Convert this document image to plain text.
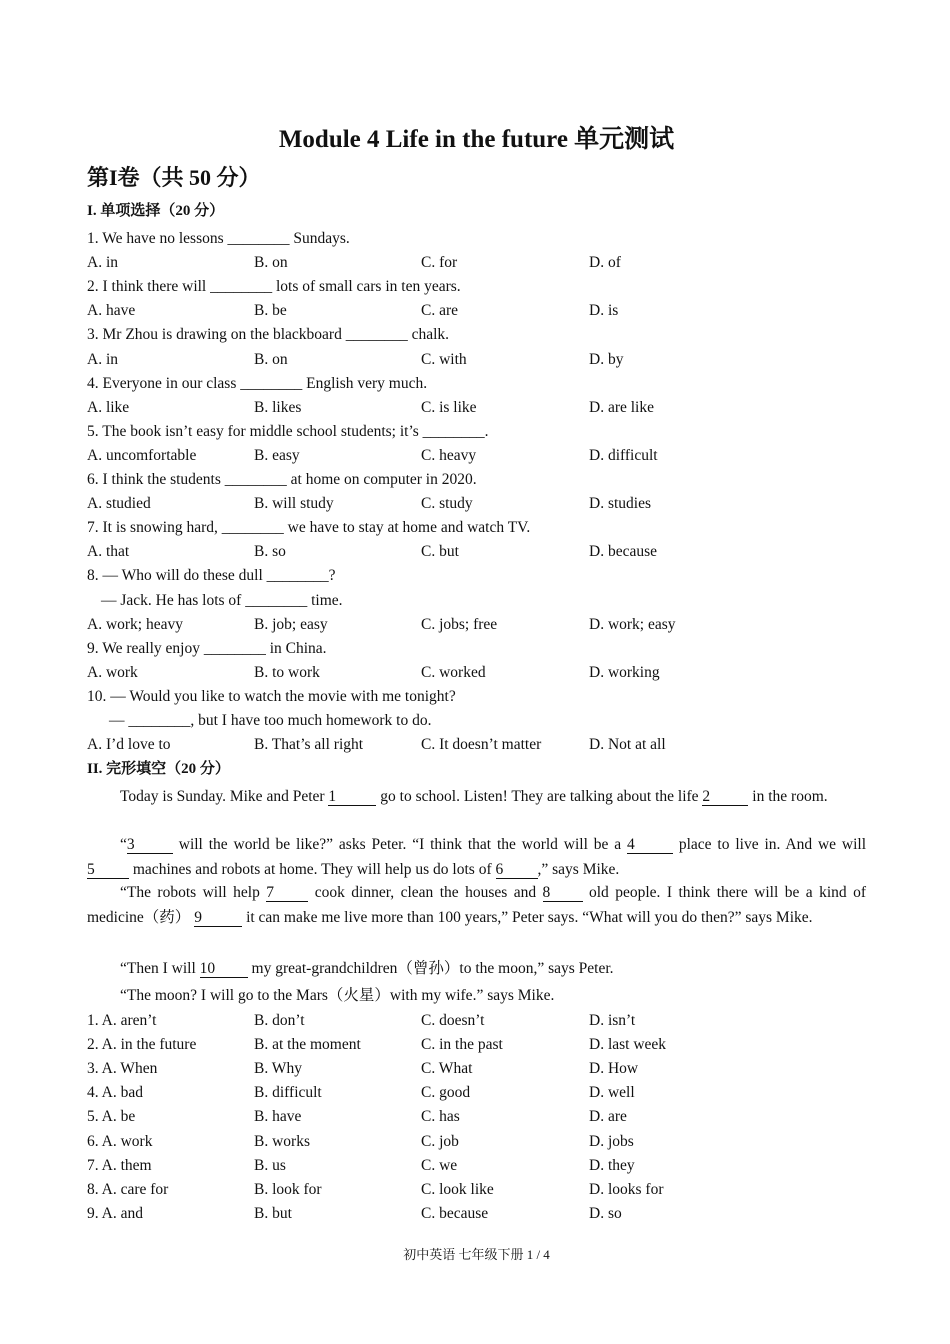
Module 4 Life in the future 单元测试
第I卷（共 50 分）
I. 单项选择（20 分）
1. We have no lessons ________ Sundays.
A. in	B. on	C. for	D. of
2. I think there will ________ lots of small cars in ten years.
A. have	B. be	C. are	D. is
3. Mr Zhou is drawing on the blackboard ________ chalk.
A. in	B. on	C. with	D. by
4. Everyone in our class ________ English very much.
A. like	B. likes	C. is like	D. are like
5. The book isn’t easy for middle school students; it’s ________.
A. uncomfortable	B. easy	C. heavy	D. difficult
6. I think the students ________ at home on computer in 2020.
A. studied	B. will study	C. study	D. studies
7. It is snowing hard, ________ we have to stay at home and watch TV.
A. that	B. so	C. but	D. because
8. — Who will do these dull ________?
— Jack. He has lots of ________ time.
A. work; heavy	B. job; easy	C. jobs; free	D. work; easy
9. We really enjoy ________ in China.
A. work	B. to work	C. worked	D. working
10. — Would you like to watch the movie with me tonight?
— ________, but I have too much homework to do.
A. I’d love to	B. That’s all right	C. It doesn’t matter	D. Not at all
II. 完形填空（20 分）
Today is Sunday. Mike and Peter 1	go to school. Listen! They are talking about the life 2 in the room.
“3 will the world be like?” asks Peter. “I think that the world will be a 4 place to live in. And we will 5 machines and robots at home. They will help us do lots of 6 ,” says Mike.
“The robots will help 7 cook dinner, clean the houses and 8 old people. I think there will be a kind of medicine（药） 9	it can make me live more than 100 years,” Peter says. “What will you do then?” says Mike.
“Then I will 10 my great-grandchildren（曾孙）to the moon,” says Peter.
“The moon? I will go to the Mars（火星）with my wife.” says Mike.
1. A. aren’t	B. don’t	C. doesn’t	D. isn’t
2. A. in the future	B. at the moment	C. in the past	D. last week
3. A. When	B. Why	C. What	D. How
4. A. bad	B. difficult	C. good	D. well
5. A. be	B. have	C. has	D. are
6. A. work	B. works	C. job	D. jobs
7. A. them	B. us	C. we	D. they
8. A. care for	B. look for	C. look like	D. looks for
9. A. and	B. but	C. because	D. so
初中英语 七年级下册 1 / 4
